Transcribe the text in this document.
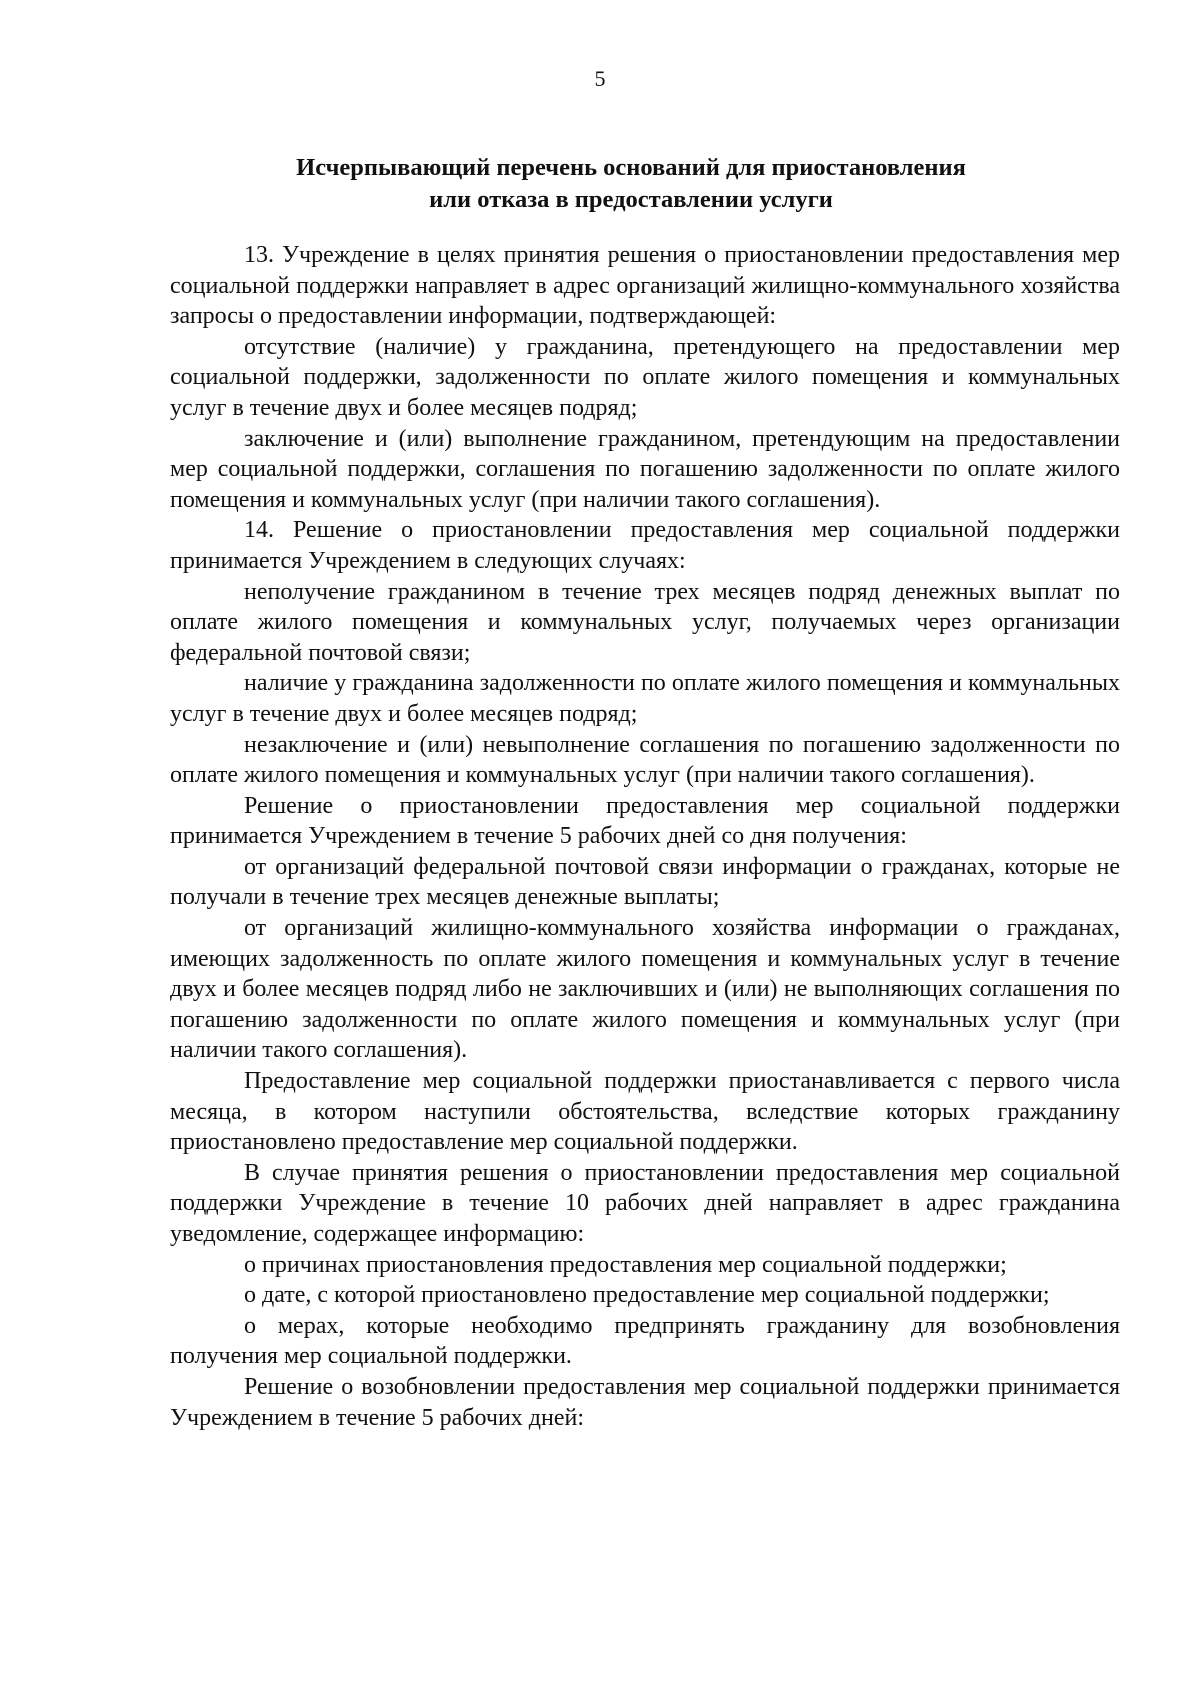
5
Исчерпывающий перечень оснований для приостановления
или отказа в предоставлении услуги

13. Учреждение в целях принятия решения о приостановлении предоставления мер социальной поддержки направляет в адрес организаций жилищно-коммунального хозяйства запросы о предоставлении информации, подтверждающей:

отсутствие (наличие) у гражданина, претендующего на предоставлении мер социальной поддержки, задолженности по оплате жилого помещения и коммунальных услуг в течение двух и более месяцев подряд;

заключение и (или) выполнение гражданином, претендующим на предоставлении мер социальной поддержки, соглашения по погашению задолженности по оплате жилого помещения и коммунальных услуг (при наличии такого соглашения).

14. Решение о приостановлении предоставления мер социальной поддержки принимается Учреждением в следующих случаях:

неполучение гражданином в течение трех месяцев подряд денежных выплат по оплате жилого помещения и коммунальных услуг, получаемых через организации федеральной почтовой связи;

наличие у гражданина задолженности по оплате жилого помещения и коммунальных услуг в течение двух и более месяцев подряд;

незаключение и (или) невыполнение соглашения по погашению задолженности по оплате жилого помещения и коммунальных услуг (при наличии такого соглашения).

Решение о приостановлении предоставления мер социальной поддержки принимается Учреждением в течение 5 рабочих дней со дня получения:

от организаций федеральной почтовой связи информации о гражданах, которые не получали в течение трех месяцев денежные выплаты;

от организаций жилищно-коммунального хозяйства информации о гражданах, имеющих задолженность по оплате жилого помещения и коммунальных услуг в течение двух и более месяцев подряд либо не заключивших и (или) не выполняющих соглашения по погашению задолженности по оплате жилого помещения и коммунальных услуг (при наличии такого соглашения).

Предоставление мер социальной поддержки приостанавливается с первого числа месяца, в котором наступили обстоятельства, вследствие которых гражданину приостановлено предоставление мер социальной поддержки.

В случае принятия решения о приостановлении предоставления мер социальной поддержки Учреждение в течение 10 рабочих дней направляет в адрес гражданина уведомление, содержащее информацию:

о причинах приостановления предоставления мер социальной поддержки;

о дате, с которой приостановлено предоставление мер социальной поддержки;

о мерах, которые необходимо предпринять гражданину для возобновления получения мер социальной поддержки.

Решение о возобновлении предоставления мер социальной поддержки принимается Учреждением в течение 5 рабочих дней:
